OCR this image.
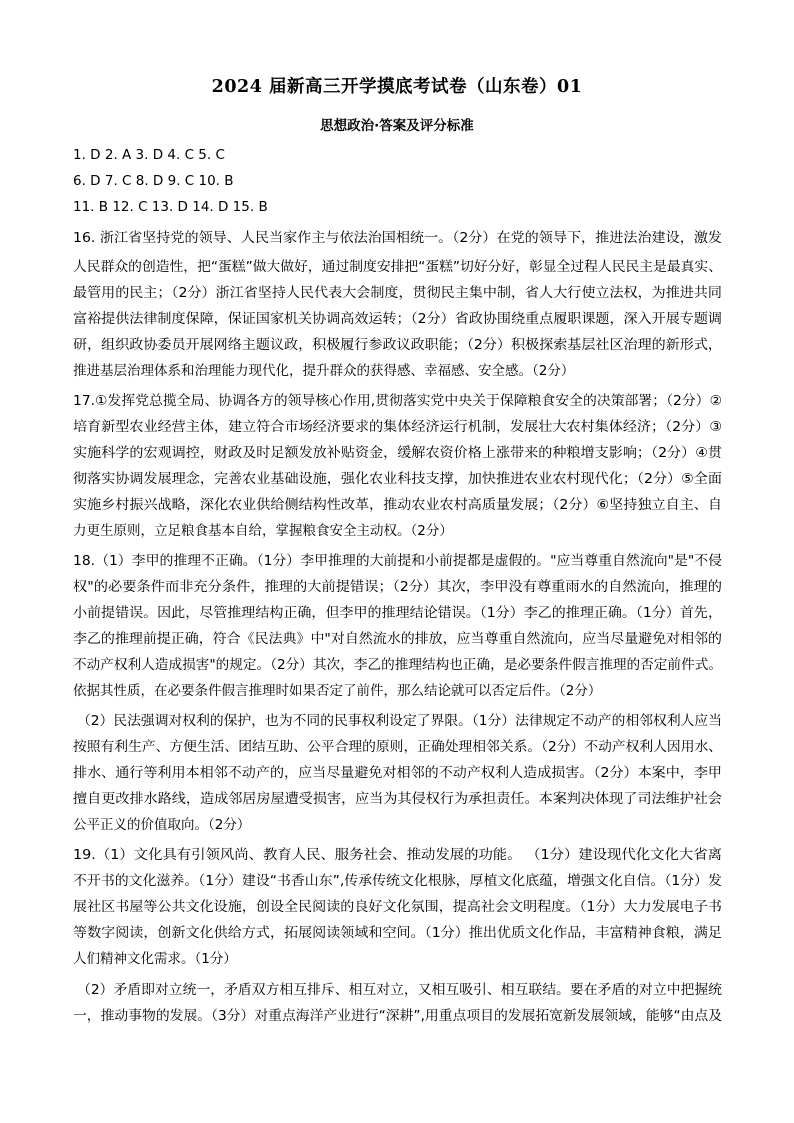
2024 届新高三开学摸底考试卷（山东卷）01
思想政治·答案及评分标准
1. D 2. A 3. D 4. C 5. C
6. D 7. C 8. D 9. C 10. B
11. B 12. C 13. D 14. D 15. B
16. 浙江省坚持党的领导、人民当家作主与依法治国相统一。（2分）在党的领导下，推进法治建设，激发
人民群众的创造性，把“蛋糕”做大做好，通过制度安排把“蛋糕”切好分好，彰显全过程人民民主是最真实、
最管用的民主；（2分）浙江省坚持人民代表大会制度，贯彻民主集中制，省人大行使立法权，为推进共同
富裕提供法律制度保障，保证国家机关协调高效运转；（2分）省政协围绕重点履职课题，深入开展专题调
研，组织政协委员开展网络主题议政，积极履行参政议政职能；（2分）积极探索基层社区治理的新形式，
推进基层治理体系和治理能力现代化，提升群众的获得感、幸福感、安全感。（2分）
17.①发挥党总揽全局、协调各方的领导核心作用,贯彻落实党中央关于保障粮食安全的决策部署；（2分）②
培育新型农业经营主体，建立符合市场经济要求的集体经济运行机制，发展壮大农村集体经济；（2分）③
实施科学的宏观调控，财政及时足额发放补贴资金，缓解农资价格上涨带来的种粮增支影响；（2分）④贯
彻落实协调发展理念，完善农业基础设施，强化农业科技支撑，加快推进农业农村现代化；（2分）⑤全面
实施乡村振兴战略，深化农业供给侧结构性改革，推动农业农村高质量发展；（2分）⑥坚持独立自主、自
力更生原则，立足粮食基本自给，掌握粮食安全主动权。（2分）
18.（1）李甲的推理不正确。（1分）李甲推理的大前提和小前提都是虚假的。"应当尊重自然流向"是"不侵
权"的必要条件而非充分条件，推理的大前提错误；（2分）其次，李甲没有尊重雨水的自然流向，推理的
小前提错误。因此，尽管推理结构正确，但李甲的推理结论错误。（1分）李乙的推理正确。（1分）首先，
李乙的推理前提正确，符合《民法典》中"对自然流水的排放，应当尊重自然流向，应当尽量避免对相邻的
不动产权利人造成损害"的规定。（2分）其次，李乙的推理结构也正确，是必要条件假言推理的否定前件式。
依据其性质，在必要条件假言推理时如果否定了前件，那么结论就可以否定后件。（2分）
（2）民法强调对权利的保护，也为不同的民事权利设定了界限。（1分）法律规定不动产的相邻权利人应当
按照有利生产、方便生活、团结互助、公平合理的原则，正确处理相邻关系。（2分）不动产权利人因用水、
排水、通行等利用本相邻不动产的，应当尽量避免对相邻的不动产权利人造成损害。（2分）本案中，李甲
擅自更改排水路线，造成邻居房屋遭受损害，应当为其侵权行为承担责任。本案判决体现了司法维护社会
公平正义的价值取向。（2分）
19.（1）文化具有引领风尚、教育人民、服务社会、推动发展的功能。 （1分）建设现代化文化大省离
不开书的文化滋养。（1分）建设“书香山东”,传承传统文化根脉，厚植文化底蕴，增强文化自信。（1分）发
展社区书屋等公共文化设施，创设全民阅读的良好文化氛围，提高社会文明程度。（1分）大力发展电子书
等数字阅读，创新文化供给方式，拓展阅读领域和空间。（1分）推出优质文化作品，丰富精神食粮，满足
人们精神文化需求。（1分）
（2）矛盾即对立统一，矛盾双方相互排斥、相互对立，又相互吸引、相互联结。要在矛盾的对立中把握统
一，推动事物的发展。（3分）对重点海洋产业进行“深耕”,用重点项目的发展拓宽新发展领域，能够“由点及
